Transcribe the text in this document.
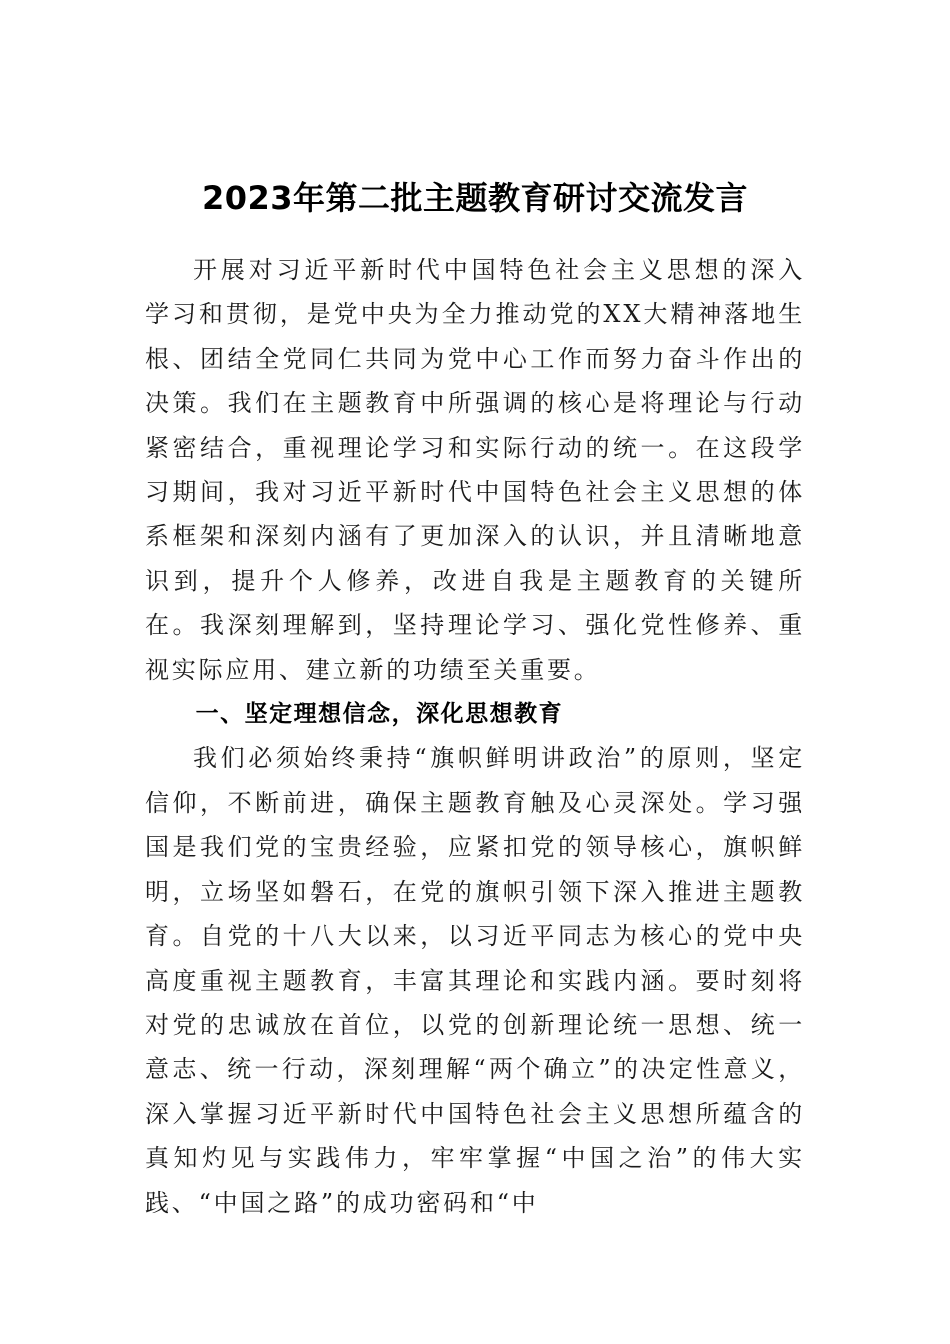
2023年第二批主题教育研讨交流发言

开展对习近平新时代中国特色社会主义思想的深入学习和贯彻，是党中央为全力推动党的XX大精神落地生根、团结全党同仁共同为党中心工作而努力奋斗作出的决策。我们在主题教育中所强调的核心是将理论与行动紧密结合，重视理论学习和实际行动的统一。在这段学习期间，我对习近平新时代中国特色社会主义思想的体系框架和深刻内涵有了更加深入的认识，并且清晰地意识到，提升个人修养，改进自我是主题教育的关键所在。我深刻理解到，坚持理论学习、强化党性修养、重视实际应用、建立新的功绩至关重要。

一、坚定理想信念，深化思想教育

我们必须始终秉持“旗帜鲜明讲政治”的原则，坚定信仰，不断前进，确保主题教育触及心灵深处。学习强国是我们党的宝贵经验，应紧扣党的领导核心，旗帜鲜明，立场坚如磐石，在党的旗帜引领下深入推进主题教育。自党的十八大以来，以习近平同志为核心的党中央高度重视主题教育，丰富其理论和实践内涵。要时刻将对党的忠诚放在首位，以党的创新理论统一思想、统一意志、统一行动，深刻理解“两个确立”的决定性意义，深入掌握习近平新时代中国特色社会主义思想所蕴含的真知灼见与实践伟力，牢牢掌握“中国之治”的伟大实践、“中国之路”的成功密码和“中
